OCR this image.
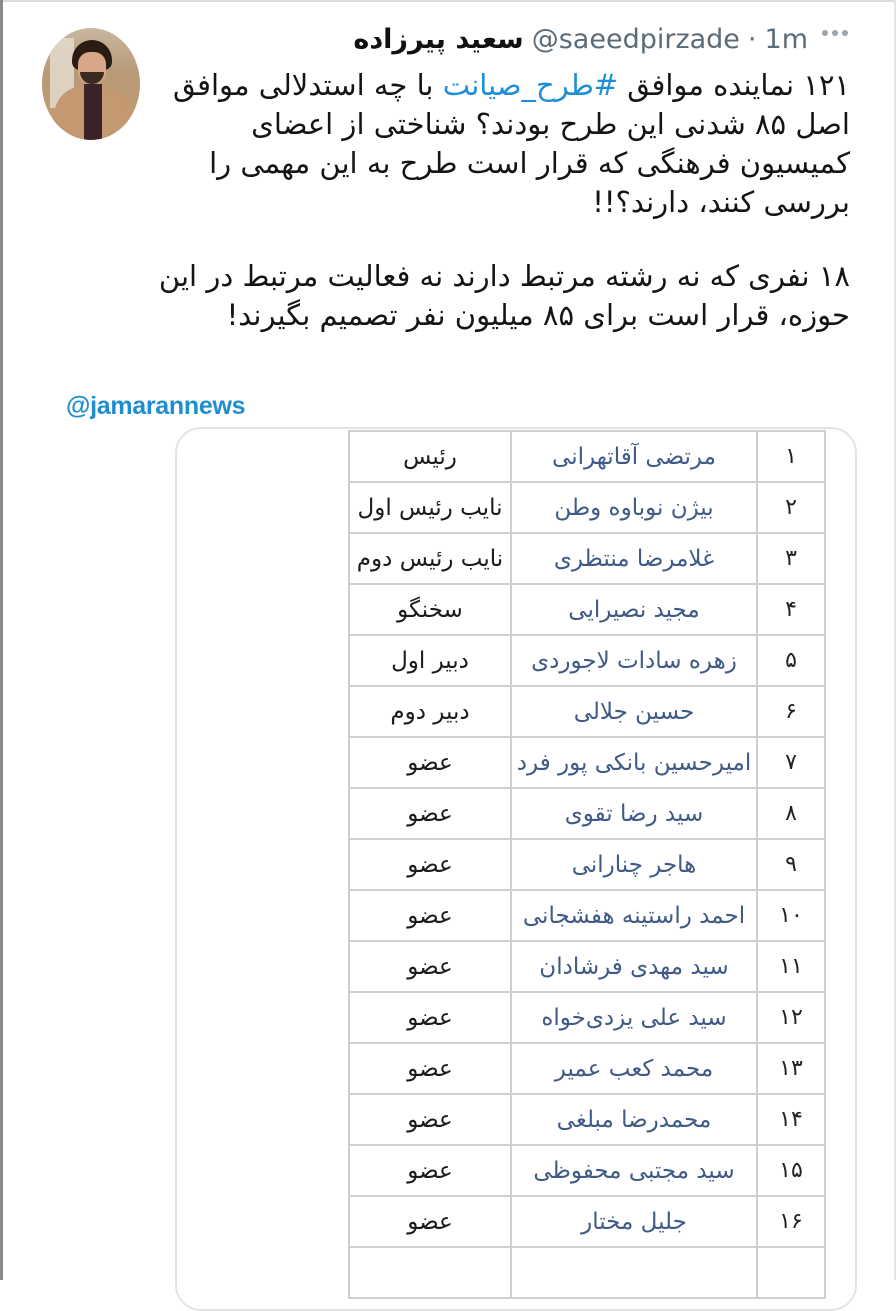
سعید پیرزاده @saeedpirzade · 1m

۱۲۱ نماینده موافق #طرح_صیانت با چه استدلالی موافق اصل ۸۵ شدنی این طرح بودند؟ شناختی از اعضای کمیسیون فرهنگی که قرار است طرح به این مهمی را بررسی کنند، دارند؟!!

۱۸ نفری که نه رشته مرتبط دارند نه فعالیت مرتبط در این حوزه، قرار است برای ۸۵ میلیون نفر تصمیم بگیرند!

@jamarannews
۱	مرتضی آقاتهرانی	رئیس
۲	بیژن نوباوه وطن	نایب رئیس اول
۳	غلامرضا منتظری	نایب رئیس دوم
۴	مجید نصیرایی	سخنگو
۵	زهره سادات لاجوردی	دبیر اول
۶	حسین جلالی	دبیر دوم
۷	امیرحسین بانکی پور فرد	عضو
۸	سید رضا تقوی	عضو
۹	هاجر چنارانی	عضو
۱۰	احمد راستینه هفشجانی	عضو
۱۱	سید مهدی فرشادان	عضو
۱۲	سید علی یزدی‌خواه	عضو
۱۳	محمد کعب عمیر	عضو
۱۴	محمدرضا مبلغی	عضو
۱۵	سید مجتبی محفوظی	عضو
۱۶	جلیل مختار	عضو
